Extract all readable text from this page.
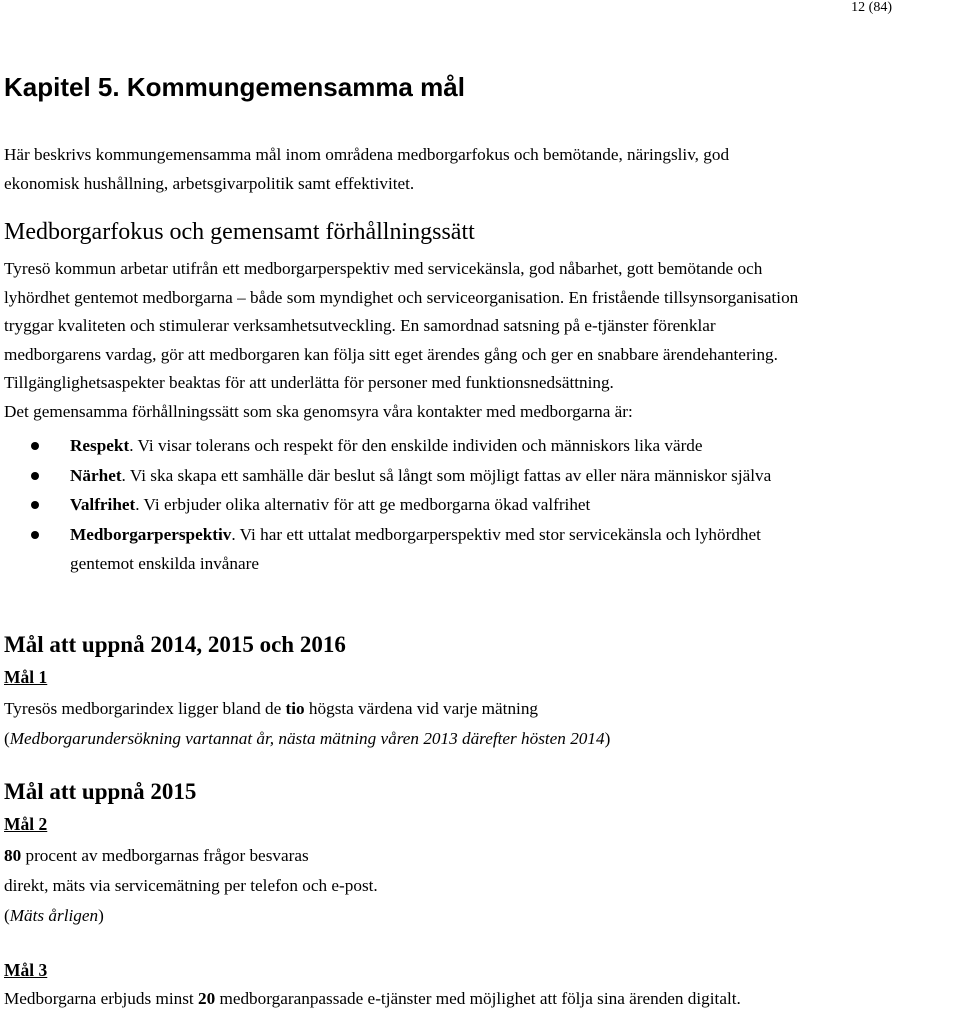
12 (84)
Kapitel 5. Kommungemensamma mål
Här beskrivs kommungemensamma mål inom områdena medborgarfokus och bemötande, näringsliv, god
ekonomisk hushållning, arbetsgivarpolitik samt effektivitet.
Medborgarfokus och gemensamt förhållningssätt
Tyresö kommun arbetar utifrån ett medborgarperspektiv med servicekänsla, god nåbarhet, gott bemötande och
lyhördhet gentemot medborgarna – både som myndighet och serviceorganisation. En fristående tillsynsorganisation
tryggar kvaliteten och stimulerar verksamhetsutveckling. En samordnad satsning på e-tjänster förenklar
medborgarens vardag, gör att medborgaren kan följa sitt eget ärendes gång och ger en snabbare ärendehantering.
Tillgänglighetsaspekter beaktas för att underlätta för personer med funktionsnedsättning.
Det gemensamma förhållningssätt som ska genomsyra våra kontakter med medborgarna är:
Respekt. Vi visar tolerans och respekt för den enskilde individen och människors lika värde
Närhet. Vi ska skapa ett samhälle där beslut så långt som möjligt fattas av eller nära människor själva
Valfrihet. Vi erbjuder olika alternativ för att ge medborgarna ökad valfrihet
Medborgarperspektiv. Vi har ett uttalat medborgarperspektiv med stor servicekänsla och lyhördhet
gentemot enskilda invånare
Mål att uppnå 2014, 2015 och 2016
Mål 1
Tyresös medborgarindex ligger bland de tio högsta värdena vid varje mätning
(Medborgarundersökning vartannat år, nästa mätning våren 2013 därefter hösten 2014)
Mål att uppnå 2015
Mål 2
80 procent av medborgarnas frågor besvaras
direkt, mäts via servicemätning per telefon och e-post.
(Mäts årligen)
Mål 3
Medborgarna erbjuds minst 20 medborgaranpassade e-tjänster med möjlighet att följa sina ärenden digitalt.
